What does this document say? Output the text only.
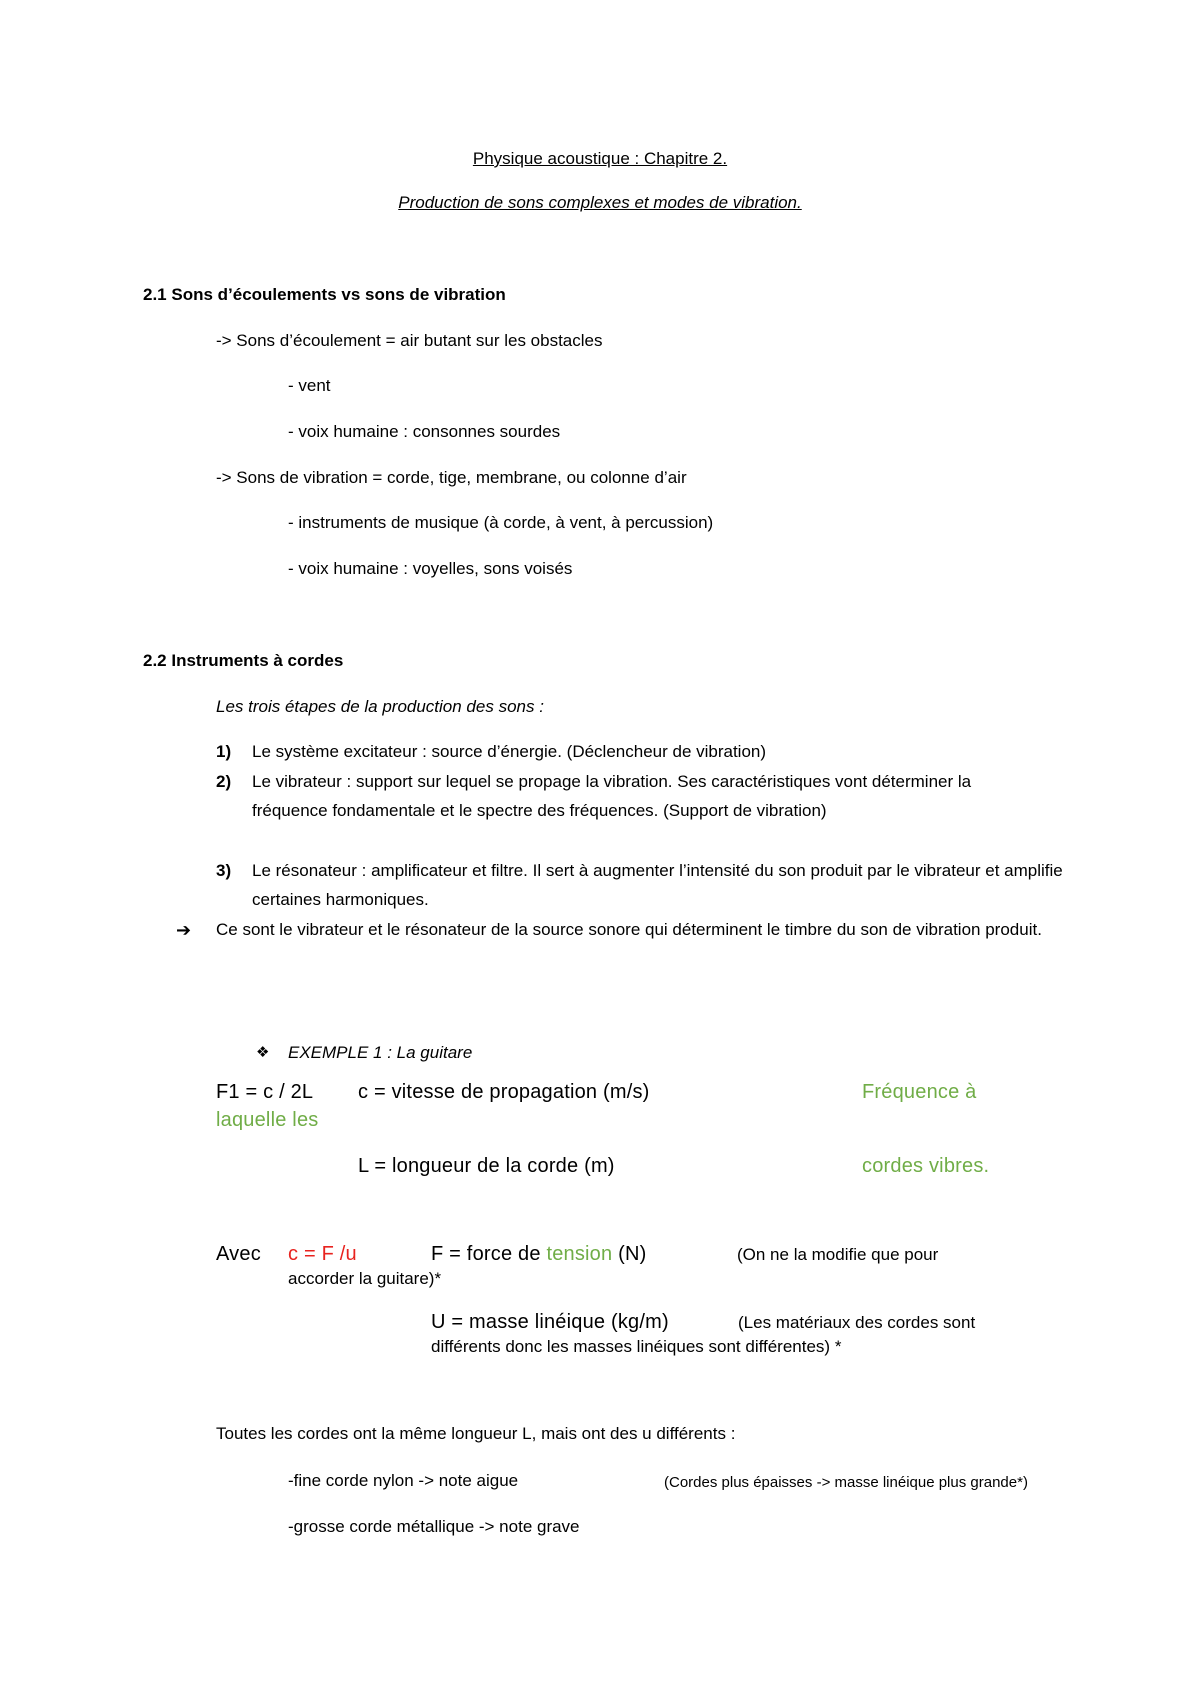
Physique acoustique : Chapitre 2.
Production de sons complexes et modes de vibration.
2.1 Sons d’écoulements vs sons de vibration
-> Sons d’écoulement = air butant sur les obstacles
- vent
- voix humaine : consonnes sourdes
-> Sons de vibration = corde, tige, membrane, ou colonne d’air
- instruments de musique (à corde, à vent, à percussion)
- voix humaine : voyelles, sons voisés
2.2 Instruments à cordes
Les trois étapes de la production des sons :
1) Le système excitateur : source d’énergie. (Déclencheur de vibration)
2) Le vibrateur : support sur lequel se propage la vibration. Ses caractéristiques vont déterminer la fréquence fondamentale et le spectre des fréquences. (Support de vibration)
3) Le résonateur : amplificateur et filtre. Il sert à augmenter l’intensité du son produit par le vibrateur et amplifie certaines harmoniques.
➔ Ce sont le vibrateur et le résonateur de la source sonore qui déterminent le timbre du son de vibration produit.
❖ EXEMPLE 1 : La guitare
F1 = c / 2L c = vitesse de propagation (m/s)	Fréquence à
laquelle les
L = longueur de la corde (m)	cordes vibres.
Avec c = F /u	F = force de tension (N)	(On ne la modifie que pour
accorder la guitare)*
U = masse linéique (kg/m)	(Les matériaux des cordes sont
différents donc les masses linéiques sont différentes) *
Toutes les cordes ont la même longueur L, mais ont des u différents :
-fine corde nylon -> note aigue	(Cordes plus épaisses -> masse linéique plus grande*)
-grosse corde métallique -> note grave
